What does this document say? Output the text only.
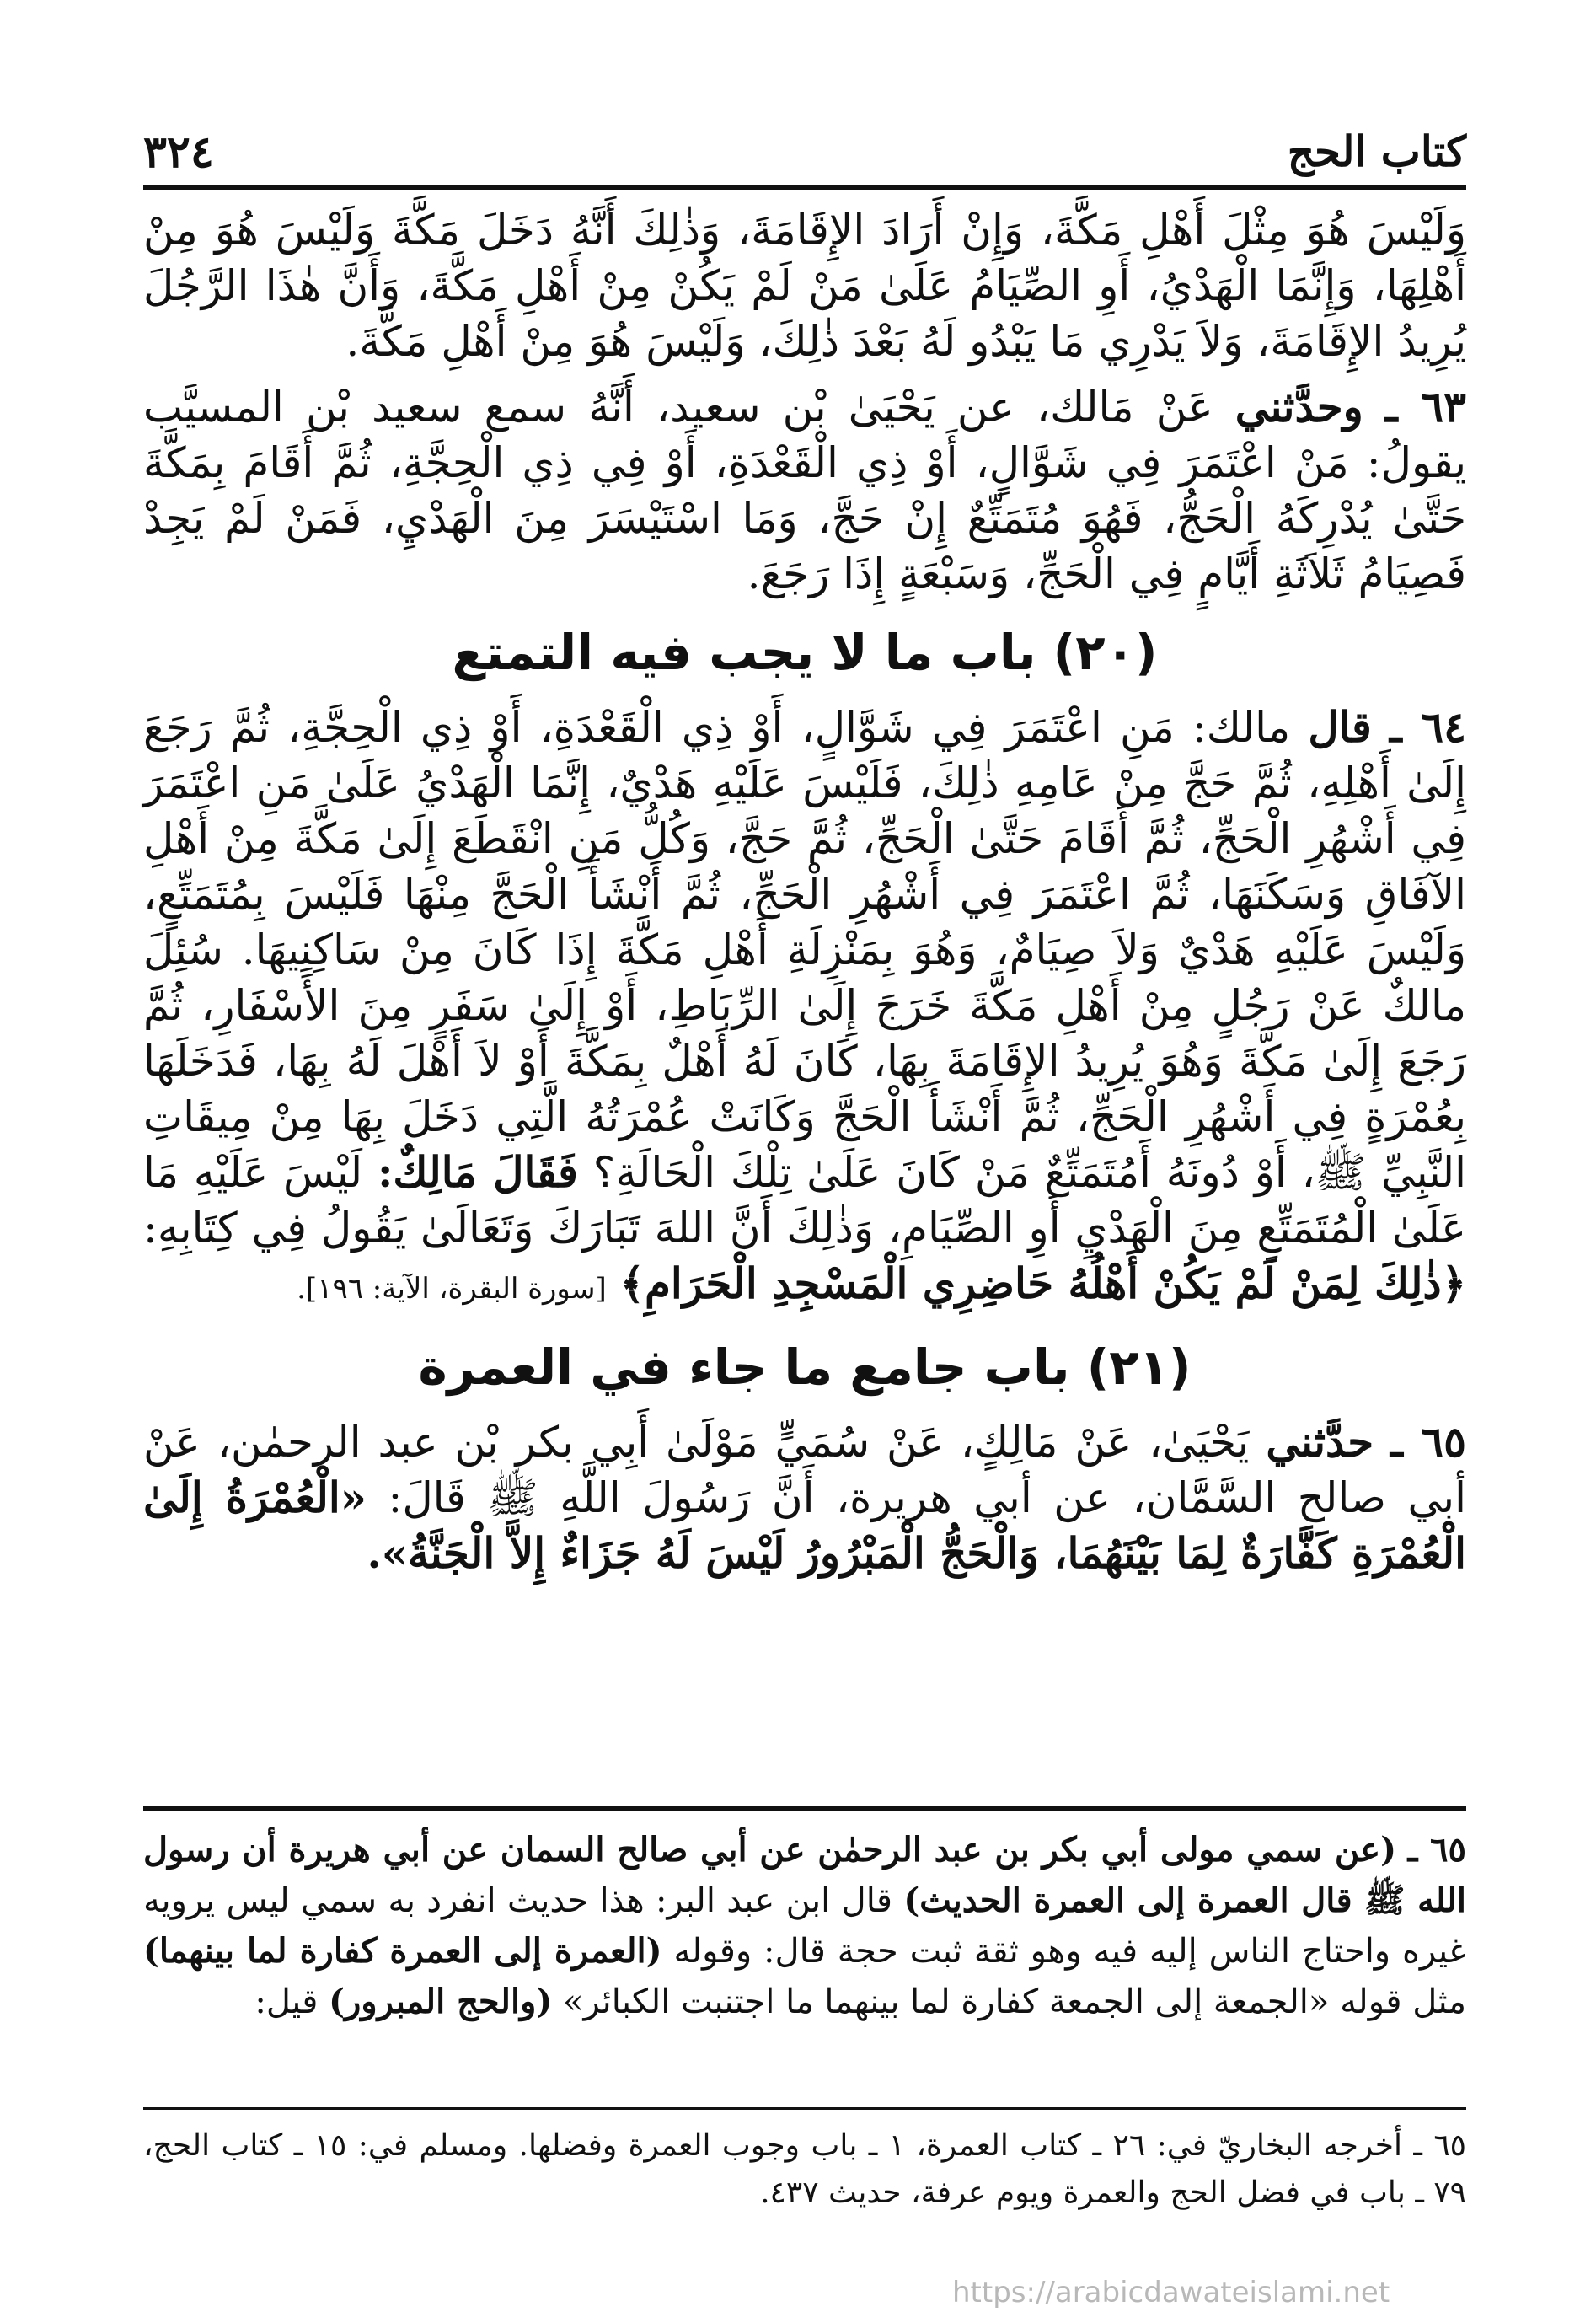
كتاب الحج
٣٢٤

وَلَيْسَ هُوَ مِثْلَ أَهْلِ مَكَّةَ، وَإِنْ أَرَادَ الإِقَامَةَ، وَذٰلِكَ أَنَّهُ دَخَلَ مَكَّةَ وَلَيْسَ هُوَ مِنْ أَهْلِهَا، وَإِنَّمَا الْهَدْيُ، أَوِ الصِّيَامُ عَلَىٰ مَنْ لَمْ يَكُنْ مِنْ أَهْلِ مَكَّةَ، وَأَنَّ هٰذَا الرَّجُلَ يُرِيدُ الإِقَامَةَ، وَلاَ يَدْرِي مَا يَبْدُو لَهُ بَعْدَ ذٰلِكَ، وَلَيْسَ هُوَ مِنْ أَهْلِ مَكَّةَ.

٦٣ ـ وحدَّثني عَنْ مَالك، عن يَحْيَىٰ بْن سعيد، أَنَّهُ سمع سعيد بْن المسيَّب يقولُ: مَنْ اعْتَمَرَ فِي شَوَّالٍ، أَوْ ذِي الْقَعْدَةِ، أَوْ فِي ذِي الْحِجَّةِ، ثُمَّ أَقَامَ بِمَكَّةَ حَتَّىٰ يُدْرِكَهُ الْحَجُّ، فَهُوَ مُتَمَتِّعٌ إِنْ حَجَّ، وَمَا اسْتَيْسَرَ مِنَ الْهَدْيِ، فَمَنْ لَمْ يَجِدْ فَصِيَامُ ثَلاَثَةِ أَيَّامٍ فِي الْحَجِّ، وَسَبْعَةٍ إِذَا رَجَعَ.

(٢٠) باب ما لا يجب فيه التمتع

٦٤ ـ قال مالك: مَنِ اعْتَمَرَ فِي شَوَّالٍ، أَوْ ذِي الْقَعْدَةِ، أَوْ ذِي الْحِجَّةِ، ثُمَّ رَجَعَ إِلَىٰ أَهْلِهِ، ثُمَّ حَجَّ مِنْ عَامِهِ ذٰلِكَ، فَلَيْسَ عَلَيْهِ هَدْيٌ، إِنَّمَا الْهَدْيُ عَلَىٰ مَنِ اعْتَمَرَ فِي أَشْهُرِ الْحَجِّ، ثُمَّ أَقَامَ حَتَّىٰ الْحَجِّ، ثُمَّ حَجَّ، وَكُلُّ مَنِ انْقَطَعَ إِلَىٰ مَكَّةَ مِنْ أَهْلِ الآفَاقِ وَسَكَنَهَا، ثُمَّ اعْتَمَرَ فِي أَشْهُرِ الْحَجِّ، ثُمَّ أَنْشَأَ الْحَجَّ مِنْهَا فَلَيْسَ بِمُتَمَتِّعٍ، وَلَيْسَ عَلَيْهِ هَدْيٌ وَلاَ صِيَامٌ، وَهُوَ بِمَنْزِلَةِ أَهْلِ مَكَّةَ إِذَا كَانَ مِنْ سَاكِنِيهَا. سُئِلَ مالكٌ عَنْ رَجُلٍ مِنْ أَهْلِ مَكَّةَ خَرَجَ إِلَىٰ الرِّبَاطِ، أَوْ إِلَىٰ سَفَرٍ مِنَ الأَسْفَارِ، ثُمَّ رَجَعَ إِلَىٰ مَكَّةَ وَهُوَ يُرِيدُ الإِقَامَةَ بِهَا، كَانَ لَهُ أَهْلٌ بِمَكَّةَ أَوْ لاَ أَهْلَ لَهُ بِهَا، فَدَخَلَهَا بِعُمْرَةٍ فِي أَشْهُرِ الْحَجِّ، ثُمَّ أَنْشَأَ الْحَجَّ وَكَانَتْ عُمْرَتُهُ الَّتِي دَخَلَ بِهَا مِنْ مِيقَاتِ النَّبِيِّ ﷺ، أَوْ دُونَهُ أَمُتَمَتِّعٌ مَنْ كَانَ عَلَىٰ تِلْكَ الْحَالَةِ؟ فَقَالَ مَالِكٌ: لَيْسَ عَلَيْهِ مَا عَلَىٰ الْمُتَمَتِّعِ مِنَ الْهَدْيِ أَوِ الصِّيَامِ، وَذٰلِكَ أَنَّ اللهَ تَبَارَكَ وَتَعَالَىٰ يَقُولُ فِي كِتَابِهِ: ﴿ذٰلِكَ لِمَنْ لَمْ يَكُنْ أَهْلُهُ حَاضِرِي الْمَسْجِدِ الْحَرَامِ﴾ [سورة البقرة، الآية: ١٩٦].

(٢١) باب جامع ما جاء في العمرة

٦٥ ـ حدَّثني يَحْيَىٰ، عَنْ مَالِكٍ، عَنْ سُمَيٍّ مَوْلَىٰ أَبِي بكر بْن عبد الرحمٰن، عَنْ أبي صالح السَّمَّان، عن أبي هريرة، أَنَّ رَسُولَ اللَّهِ ﷺ قَالَ: «الْعُمْرَةُ إِلَىٰ الْعُمْرَةِ كَفَّارَةٌ لِمَا بَيْنَهُمَا، وَالْحَجُّ الْمَبْرُورُ لَيْسَ لَهُ جَزَاءٌ إِلاَّ الْجَنَّةُ».

٦٥ ـ (عن سمي مولى أبي بكر بن عبد الرحمٰن عن أبي صالح السمان عن أبي هريرة أن رسول الله ﷺ قال العمرة إلى العمرة الحديث) قال ابن عبد البر: هذا حديث انفرد به سمي ليس يرويه غيره واحتاج الناس إليه فيه وهو ثقة ثبت حجة قال: وقوله (العمرة إلى العمرة كفارة لما بينهما) مثل قوله «الجمعة إلى الجمعة كفارة لما بينهما ما اجتنبت الكبائر» (والحج المبرور) قيل:

٦٥ ـ أخرجه البخاريّ في: ٢٦ ـ كتاب العمرة، ١ ـ باب وجوب العمرة وفضلها. ومسلم في: ١٥ ـ كتاب الحج، ٧٩ ـ باب في فضل الحج والعمرة ويوم عرفة، حديث ٤٣٧.

https://arabicdawateislami.net
